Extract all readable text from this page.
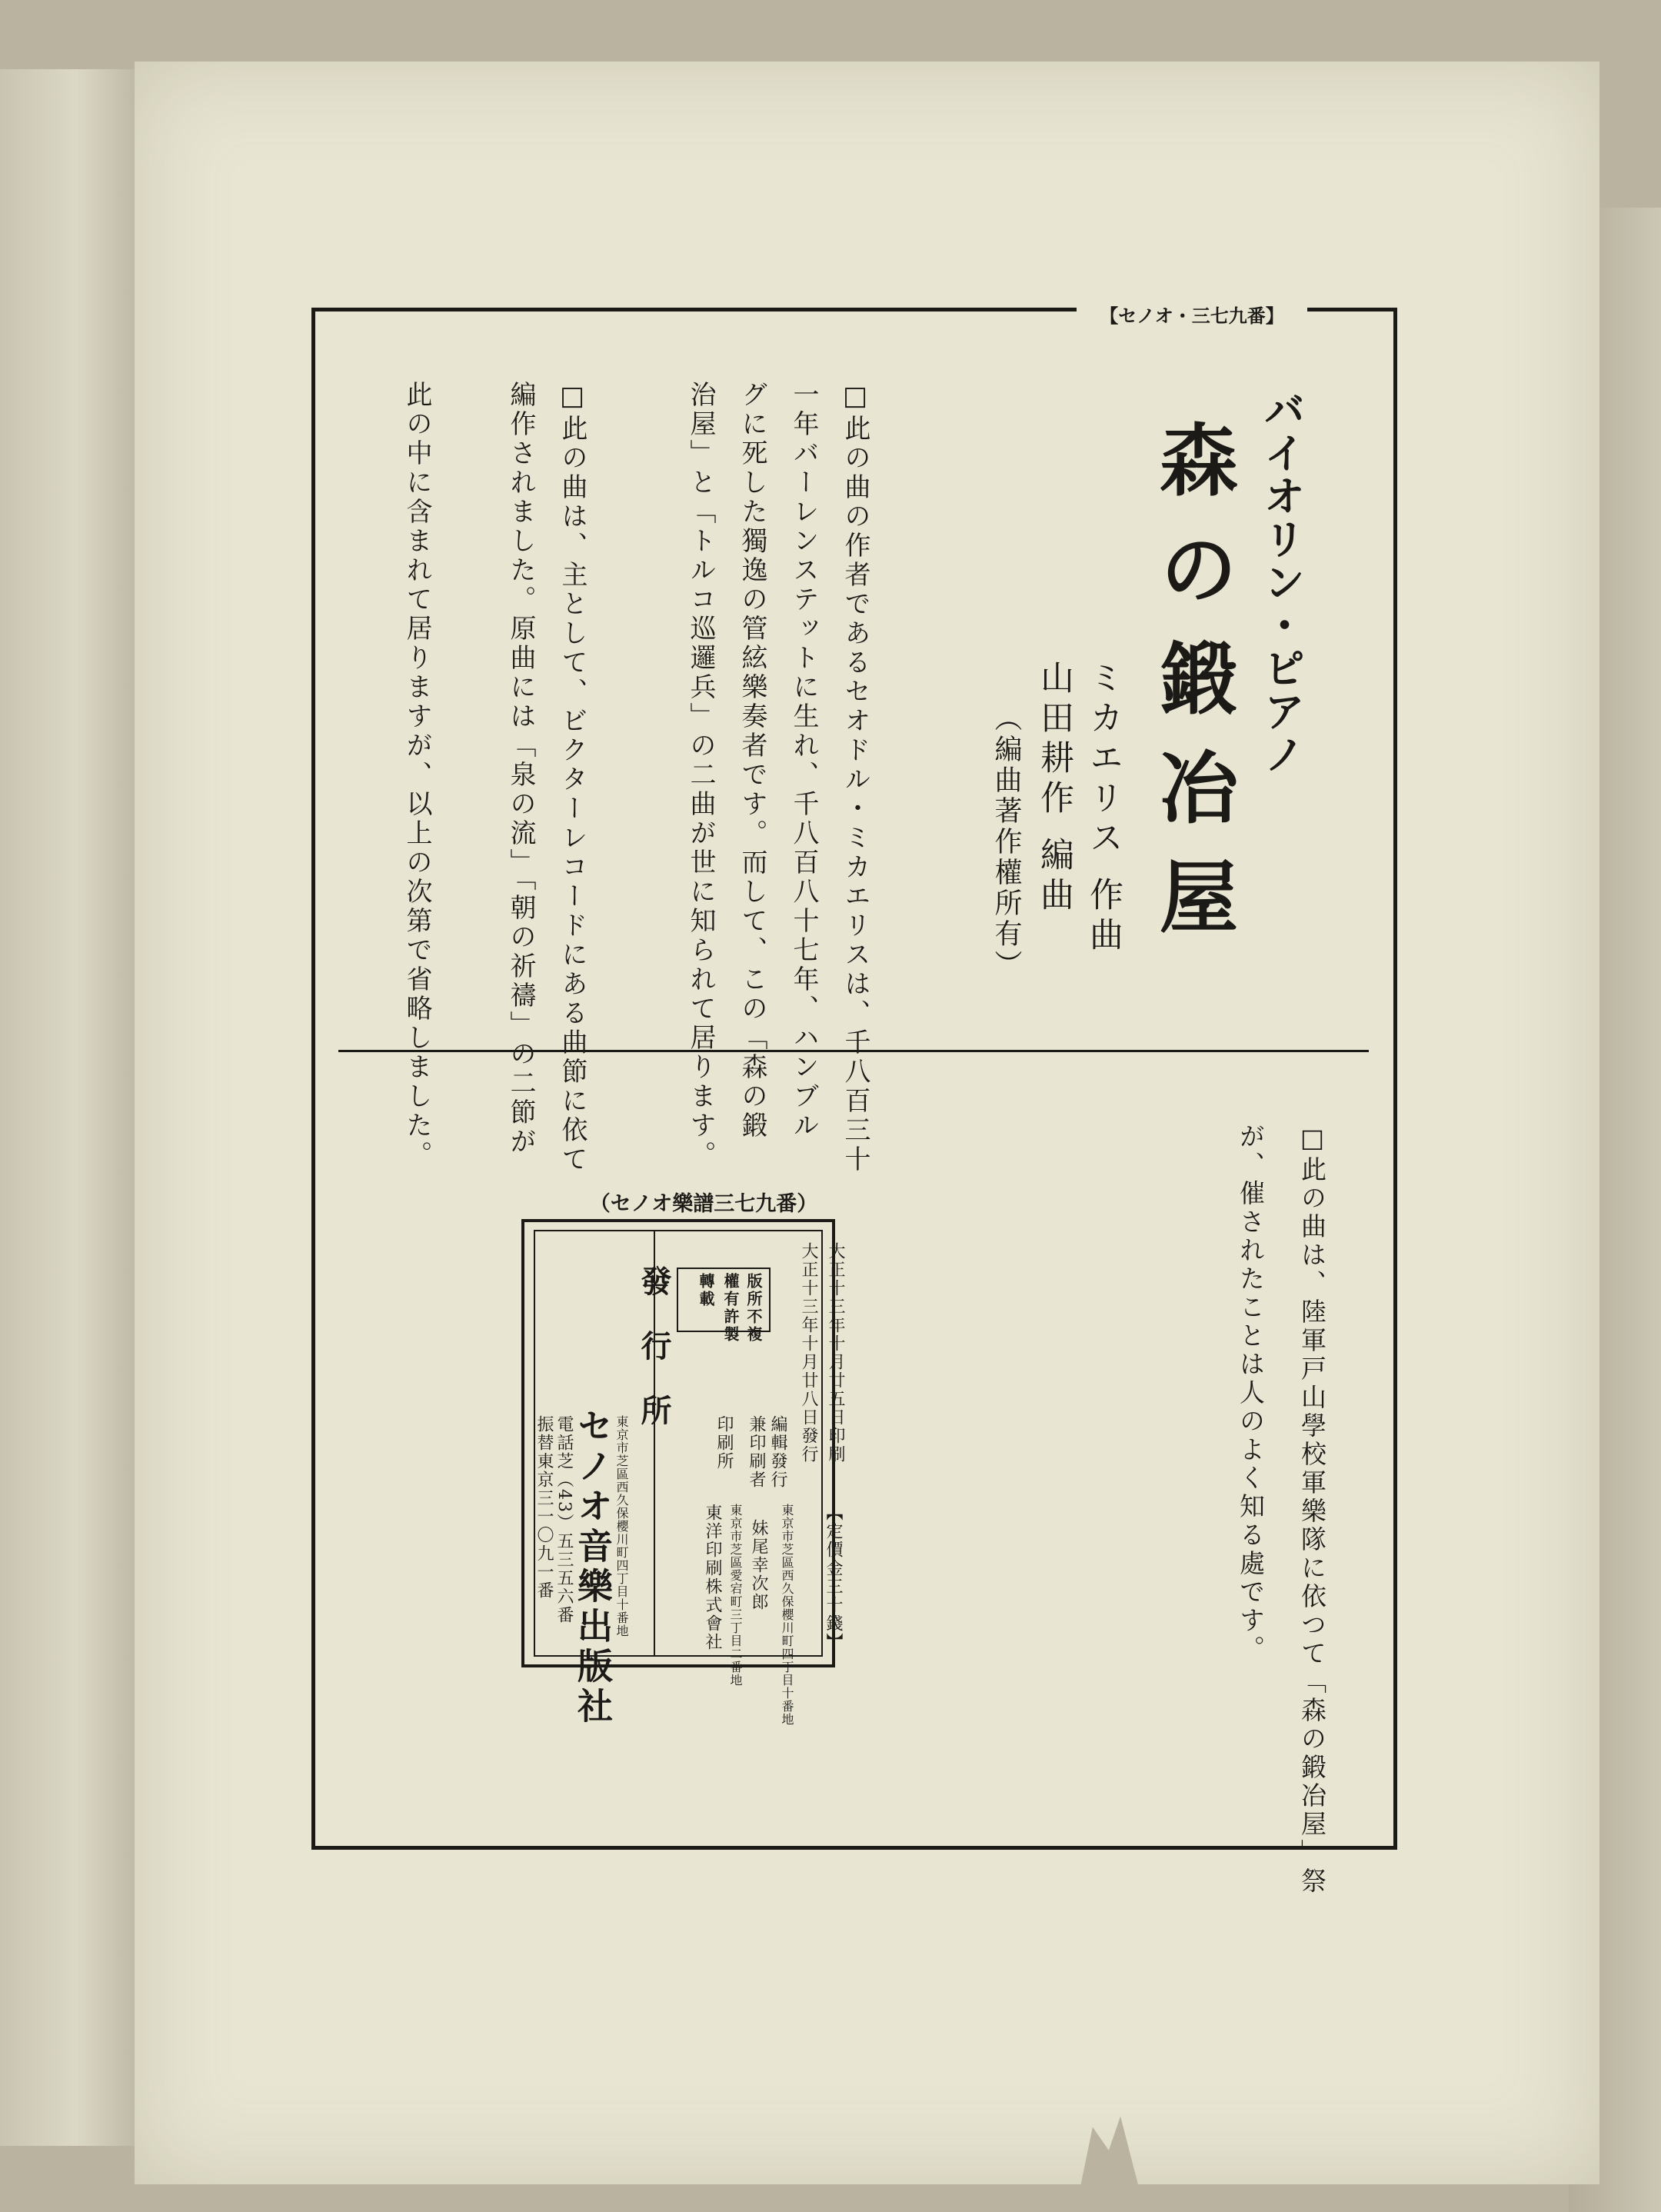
【セノオ・三七九番】
バイオリン・ピアノ
森の鍛冶屋
ミカエリス 作曲
山田耕作 編曲
（編曲著作權所有）
□此の曲の作者であるセオドル・ミカエリスは、千八百三十
一年バーレンステットに生れ、千八百八十七年、ハンブル
グに死した獨逸の管絃樂奏者です。而して、この「森の鍛
治屋」と「トルコ巡邏兵」の二曲が世に知られて居ります。
□此の曲は、主として、ビクターレコードにある曲節に依て
編作されました。原曲には「泉の流」「朝の祈禱」の二節が
此の中に含まれて居りますが、以上の次第で省略しました。
□此の曲は、陸軍戸山學校軍樂隊に依つて「森の鍛冶屋」祭
が、催されたことは人のよく知る處です。
（セノオ樂譜三七九番）
大正十三年十月廿五日印刷
大正十三年十月廿八日發行
【定價金三十錢】
版所不複
權有許製
轉載
編輯發行
兼印刷者
東京市芝區西久保櫻川町四丁目十番地
妹尾幸次郎
印刷所
東京市芝區愛宕町三丁目二番地
東洋印刷株式會社
發行所
東京市芝區西久保櫻川町四丁目十番地
セノオ音樂出版社
電話芝（43）五三五六番
振替東京三一〇九一番
